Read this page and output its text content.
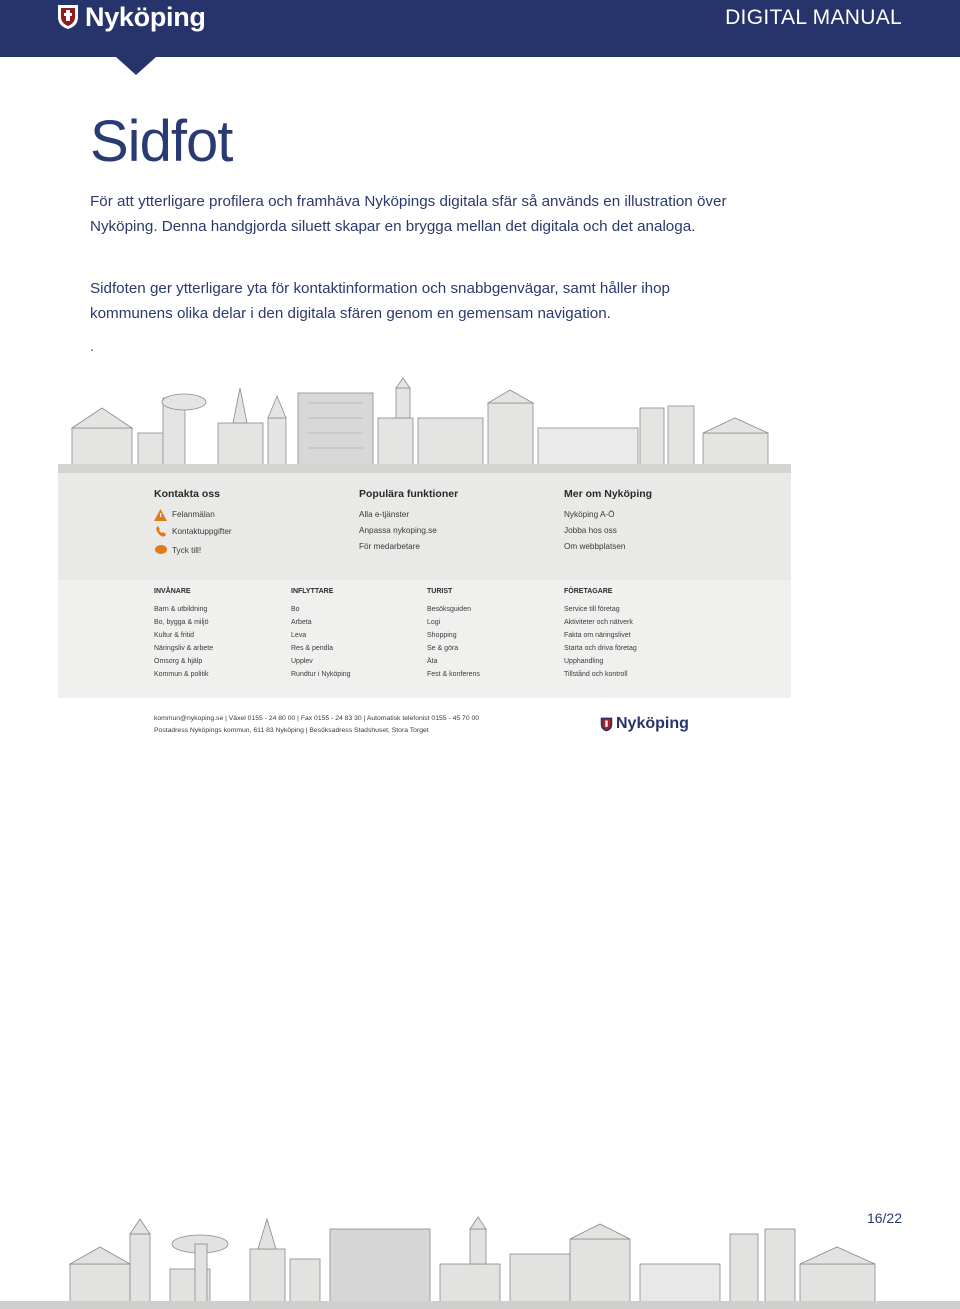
Nyköping	DIGITAL MANUAL
Sidfot

För att ytterligare profilera och framhäva Nyköpings digitala sfär så används en illustration över Nyköping. Denna handgjorda siluett skapar en brygga mellan det digitala och det analoga.

Sidfoten ger ytterligare yta för kontaktinformation och snabbgenvägar, samt håller ihop kommunens olika delar i den digitala sfären genom en gemensam navigation.

.
Kontakta oss
Felanmälan
Kontaktuppgifter
Tyck till!
Populära funktioner
Alla e-tjänster
Anpassa nykoping.se
För medarbetare
Mer om Nyköping
Nyköping A-Ö
Jobba hos oss
Om webbplatsen
INVÅNARE
Barn & utbildning
Bo, bygga & miljö
Kultur & fritid
Näringsliv & arbete
Omsorg & hjälp
Kommun & politik
INFLYTTARE
Bo
Arbeta
Leva
Res & pendla
Upplev
Rundtur i Nyköping
TURIST
Besöksguiden
Logi
Shopping
Se & göra
Äta
Fest & konferens
FÖRETAGARE
Service till företag
Aktiviteter och nätverk
Fakta om näringslivet
Starta och driva företag
Upphandling
Tillstånd och kontroll
kommun@nykoping.se | Växel 0155 - 24 80 00 | Fax 0155 - 24 83 30 | Automatisk telefonist 0155 - 45 70 00
Postadress Nyköpings kommun, 611 83 Nyköping | Besöksadress Stadshuset, Stora Torget	Nyköping
16/22
